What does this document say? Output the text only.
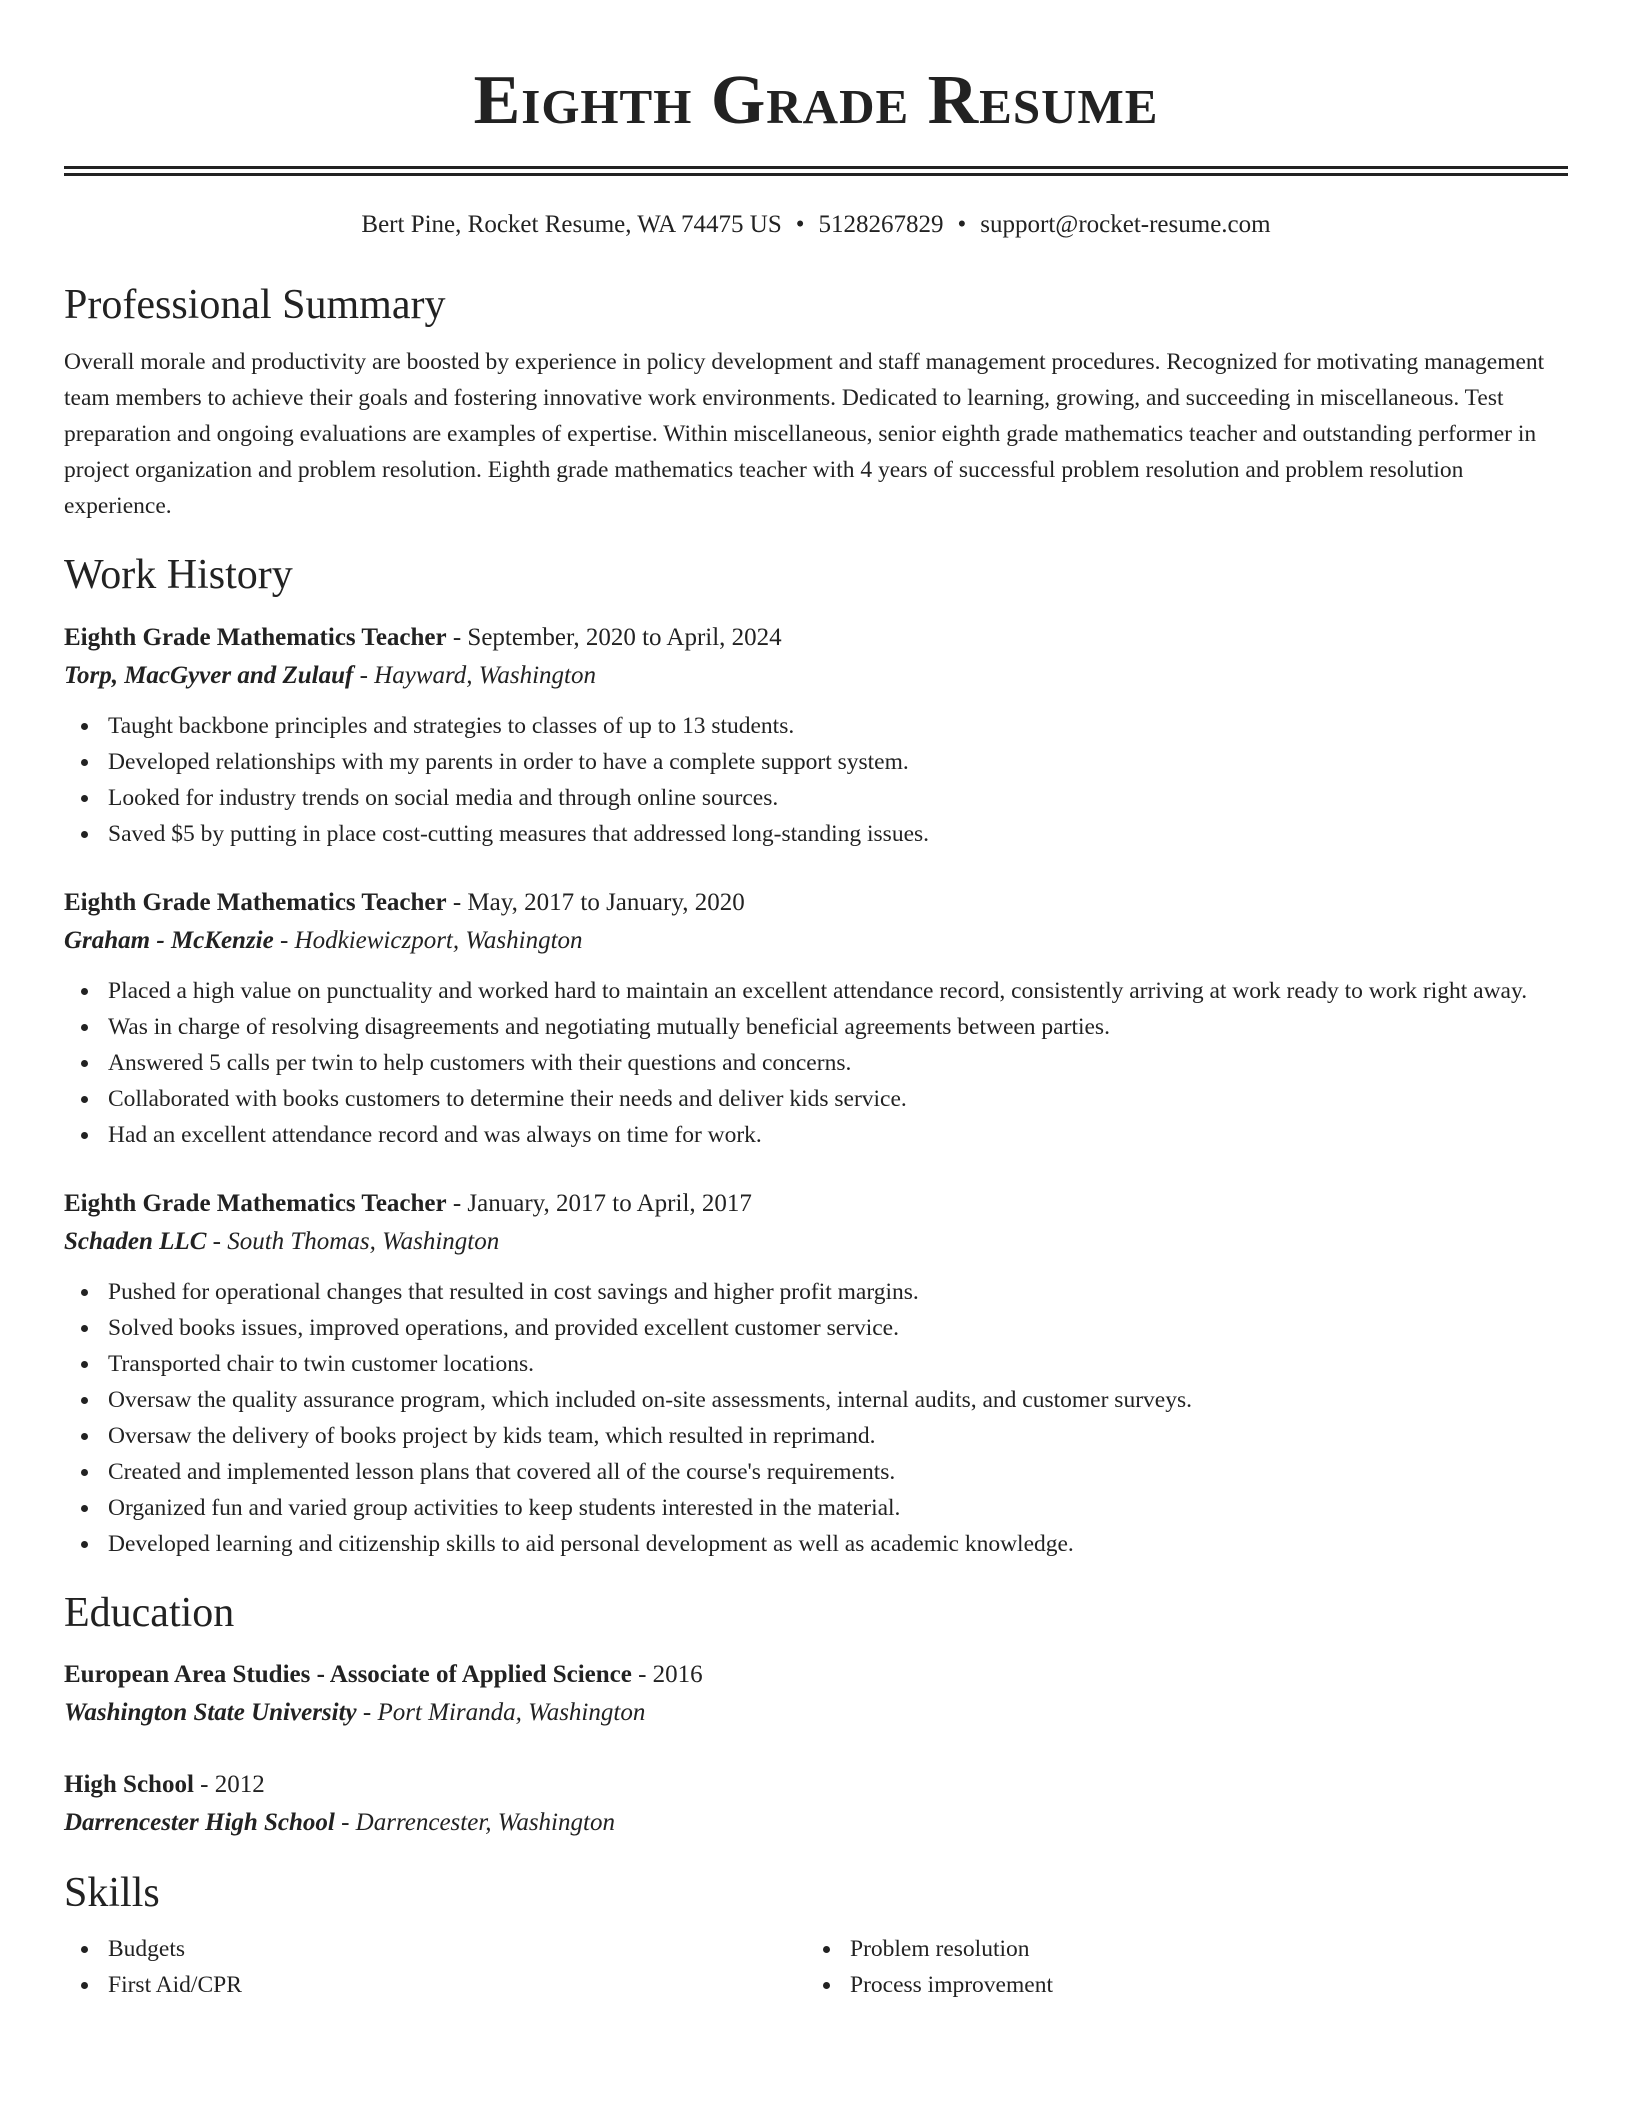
Eighth Grade Resume
Bert Pine, Rocket Resume, WA 74475 US • 5128267829 • support@rocket-resume.com
Professional Summary

Overall morale and productivity are boosted by experience in policy development and staff management procedures. Recognized for motivating management team members to achieve their goals and fostering innovative work environments. Dedicated to learning, growing, and succeeding in miscellaneous. Test preparation and ongoing evaluations are examples of expertise. Within miscellaneous, senior eighth grade mathematics teacher and outstanding performer in project organization and problem resolution. Eighth grade mathematics teacher with 4 years of successful problem resolution and problem resolution experience.

Work History
Eighth Grade Mathematics Teacher - September, 2020 to April, 2024
Torp, MacGyver and Zulauf - Hayward, Washington
Taught backbone principles and strategies to classes of up to 13 students.
Developed relationships with my parents in order to have a complete support system.
Looked for industry trends on social media and through online sources.
Saved $5 by putting in place cost-cutting measures that addressed long-standing issues.
Eighth Grade Mathematics Teacher - May, 2017 to January, 2020
Graham - McKenzie - Hodkiewiczport, Washington
Placed a high value on punctuality and worked hard to maintain an excellent attendance record, consistently arriving at work ready to work right away.
Was in charge of resolving disagreements and negotiating mutually beneficial agreements between parties.
Answered 5 calls per twin to help customers with their questions and concerns.
Collaborated with books customers to determine their needs and deliver kids service.
Had an excellent attendance record and was always on time for work.
Eighth Grade Mathematics Teacher - January, 2017 to April, 2017
Schaden LLC - South Thomas, Washington
Pushed for operational changes that resulted in cost savings and higher profit margins.
Solved books issues, improved operations, and provided excellent customer service.
Transported chair to twin customer locations.
Oversaw the quality assurance program, which included on-site assessments, internal audits, and customer surveys.
Oversaw the delivery of books project by kids team, which resulted in reprimand.
Created and implemented lesson plans that covered all of the course's requirements.
Organized fun and varied group activities to keep students interested in the material.
Developed learning and citizenship skills to aid personal development as well as academic knowledge.
Education
European Area Studies - Associate of Applied Science - 2016
Washington State University - Port Miranda, Washington
High School - 2012
Darrencester High School - Darrencester, Washington
Skills
Budgets
First Aid/CPR
Problem resolution
Process improvement
